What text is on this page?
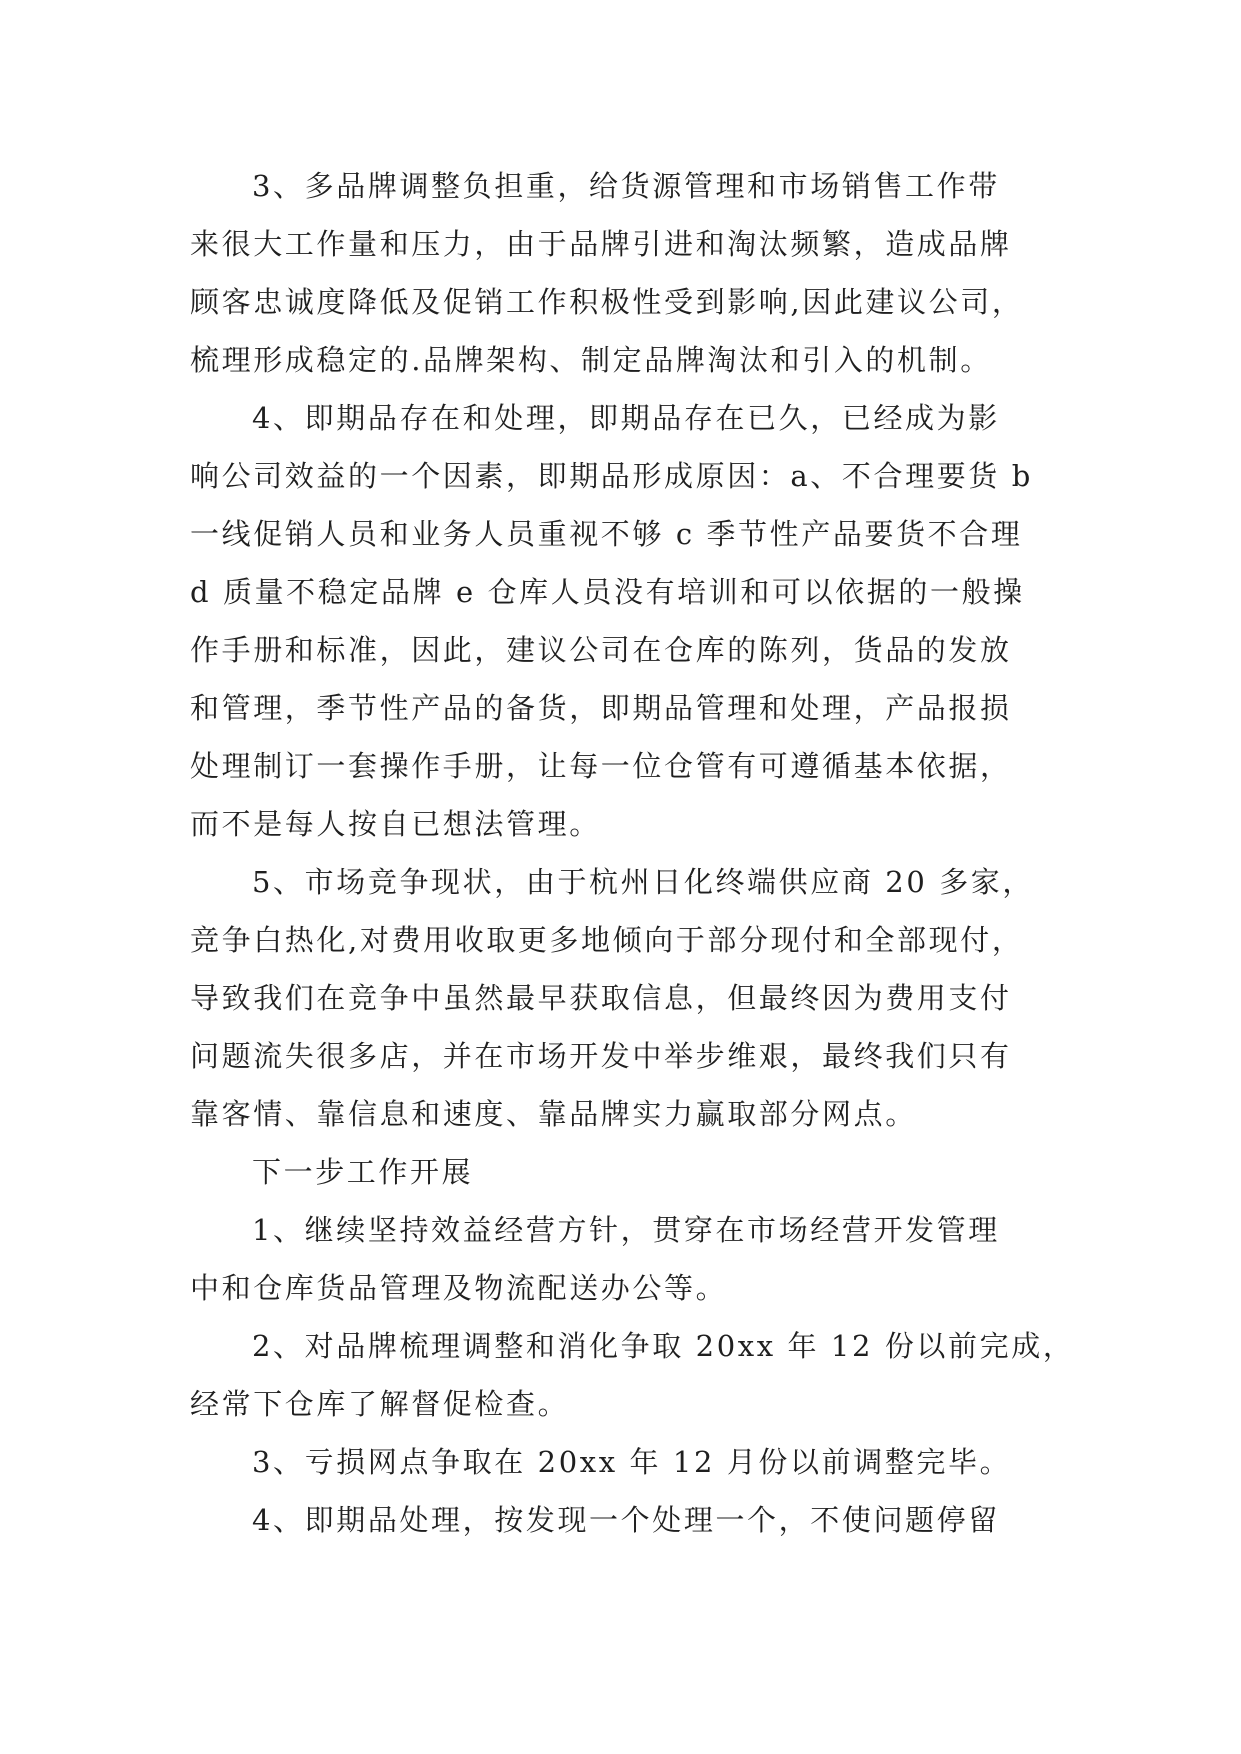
3、多品牌调整负担重，给货源管理和市场销售工作带
来很大工作量和压力，由于品牌引进和淘汰频繁，造成品牌
顾客忠诚度降低及促销工作积极性受到影响,因此建议公司，
梳理形成稳定的.品牌架构、制定品牌淘汰和引入的机制。
4、即期品存在和处理，即期品存在已久，已经成为影
响公司效益的一个因素，即期品形成原因：a、不合理要货 b
一线促销人员和业务人员重视不够 c 季节性产品要货不合理
d 质量不稳定品牌 e 仓库人员没有培训和可以依据的一般操
作手册和标准，因此，建议公司在仓库的陈列，货品的发放
和管理，季节性产品的备货，即期品管理和处理，产品报损
处理制订一套操作手册，让每一位仓管有可遵循基本依据，
而不是每人按自已想法管理。
5、市场竞争现状，由于杭州日化终端供应商 20 多家，
竞争白热化,对费用收取更多地倾向于部分现付和全部现付，
导致我们在竞争中虽然最早获取信息，但最终因为费用支付
问题流失很多店，并在市场开发中举步维艰，最终我们只有
靠客情、靠信息和速度、靠品牌实力赢取部分网点。
下一步工作开展
1、继续坚持效益经营方针，贯穿在市场经营开发管理
中和仓库货品管理及物流配送办公等。
2、对品牌梳理调整和消化争取 20xx 年 12 份以前完成，
经常下仓库了解督促检查。
3、亏损网点争取在 20xx 年 12 月份以前调整完毕。
4、即期品处理，按发现一个处理一个，不使问题停留
